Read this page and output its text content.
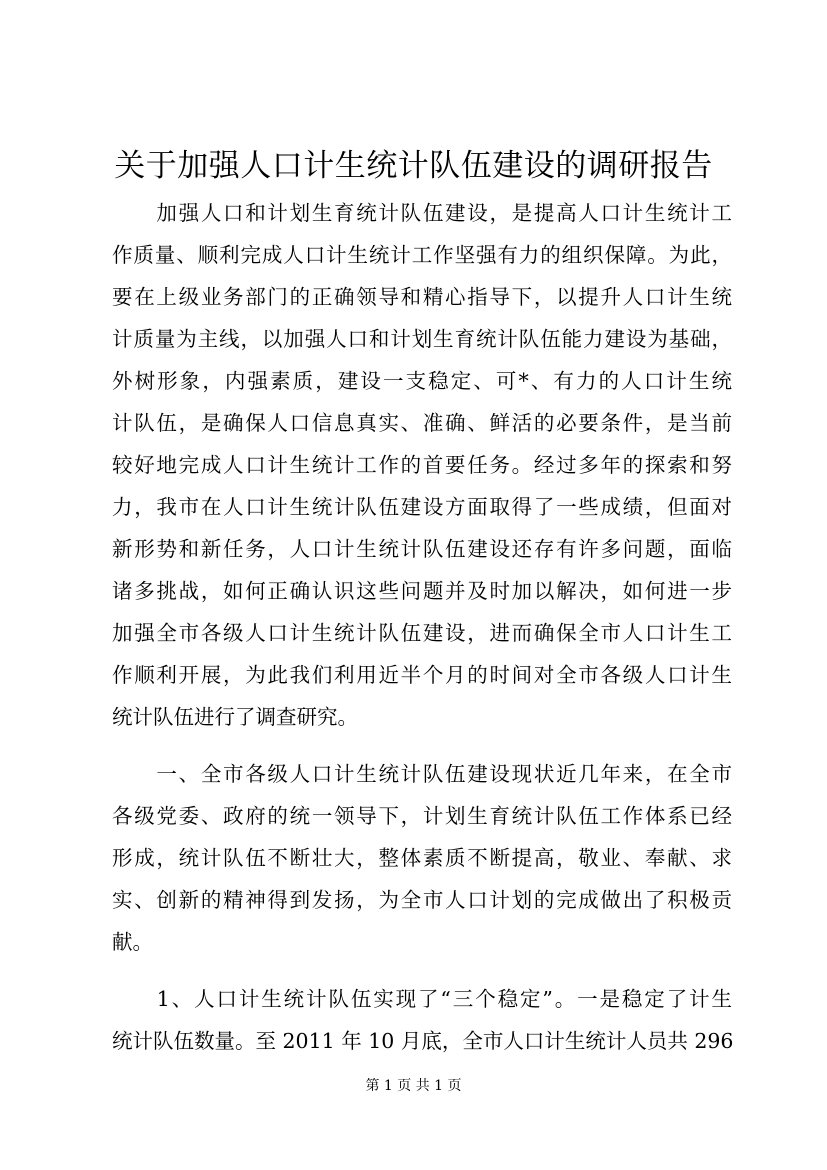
关于加强人口计生统计队伍建设的调研报告
　　加强人口和计划生育统计队伍建设，是提高人口计生统计工
作质量、顺利完成人口计生统计工作坚强有力的组织保障。为此，
要在上级业务部门的正确领导和精心指导下，以提升人口计生统
计质量为主线，以加强人口和计划生育统计队伍能力建设为基础，
外树形象，内强素质，建设一支稳定、可*、有力的人口计生统
计队伍，是确保人口信息真实、准确、鲜活的必要条件，是当前
较好地完成人口计生统计工作的首要任务。经过多年的探索和努
力，我市在人口计生统计队伍建设方面取得了一些成绩，但面对
新形势和新任务，人口计生统计队伍建设还存有许多问题，面临
诸多挑战，如何正确认识这些问题并及时加以解决，如何进一步
加强全市各级人口计生统计队伍建设，进而确保全市人口计生工
作顺利开展，为此我们利用近半个月的时间对全市各级人口计生
统计队伍进行了调查研究。
　　一、全市各级人口计生统计队伍建设现状近几年来，在全市
各级党委、政府的统一领导下，计划生育统计队伍工作体系已经
形成，统计队伍不断壮大，整体素质不断提高，敬业、奉献、求
实、创新的精神得到发扬，为全市人口计划的完成做出了积极贡
献。
　　1、人口计生统计队伍实现了“三个稳定”。一是稳定了计生
统计队伍数量。至 2011 年 10 月底，全市人口计生统计人员共 296
第 1 页 共 1 页
